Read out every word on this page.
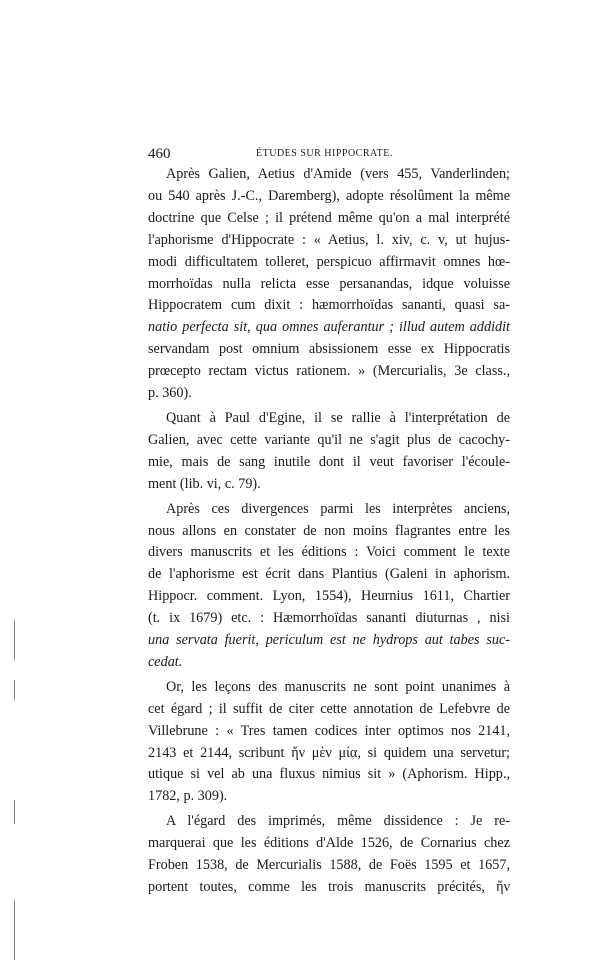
460	ÉTUDES SUR HIPPOCRATE.
Après Galien, Aetius d'Amide (vers 455, Vanderlinden;
ou 540 après J.-C., Daremberg), adopte résolûment la même
doctrine que Celse ; il prétend même qu'on a mal interprété
l'aphorisme d'Hippocrate : « Aetius, l. xiv, c. v, ut hujus-
modi difficultatem tolleret, perspicuo affirmavit omnes hœ-
morrhoïdas nulla relicta esse persanandas, idque voluisse
Hippocratem cum dixit : hæmorrhoïdas sananti, quasi sa-
natio perfecta sit, qua omnes auferantur ; illud autem addidit
servandam post omnium absissionem esse ex Hippocratis
prœcepto rectam victus rationem. » (Mercurialis, 3e class.,
p. 360).
Quant à Paul d'Egine, il se rallie à l'interprétation de
Galien, avec cette variante qu'il ne s'agit plus de cacochy-
mie, mais de sang inutile dont il veut favoriser l'écoule-
ment (lib. vi, c. 79).
Après ces divergences parmi les interprètes anciens,
nous allons en constater de non moins flagrantes entre les
divers manuscrits et les éditions : Voici comment le texte
de l'aphorisme est écrit dans Plantius (Galeni in aphorism.
Hippocr. comment. Lyon, 1554), Heurnius 1611, Chartier
(t. ix 1679) etc. : Hæmorrhoïdas sananti diuturnas , nisi
una servata fuerit, periculum est ne hydrops aut tabes suc-
cedat.
Or, les leçons des manuscrits ne sont point unanimes à
cet égard ; il suffit de citer cette annotation de Lefebvre de
Villebrune : « Tres tamen codices inter optimos nos 2141,
2143 et 2144, scribunt ἤν μὲν μία, si quidem una servetur;
utique si vel ab una fluxus nimius sit » (Aphorism. Hipp.,
1782, p. 309).
A l'égard des imprimés, même dissidence : Je re-
marquerai que les éditions d'Alde 1526, de Cornarius chez
Froben 1538, de Mercurialis 1588, de Foës 1595 et 1657,
portent toutes, comme les trois manuscrits précités, ἤν
